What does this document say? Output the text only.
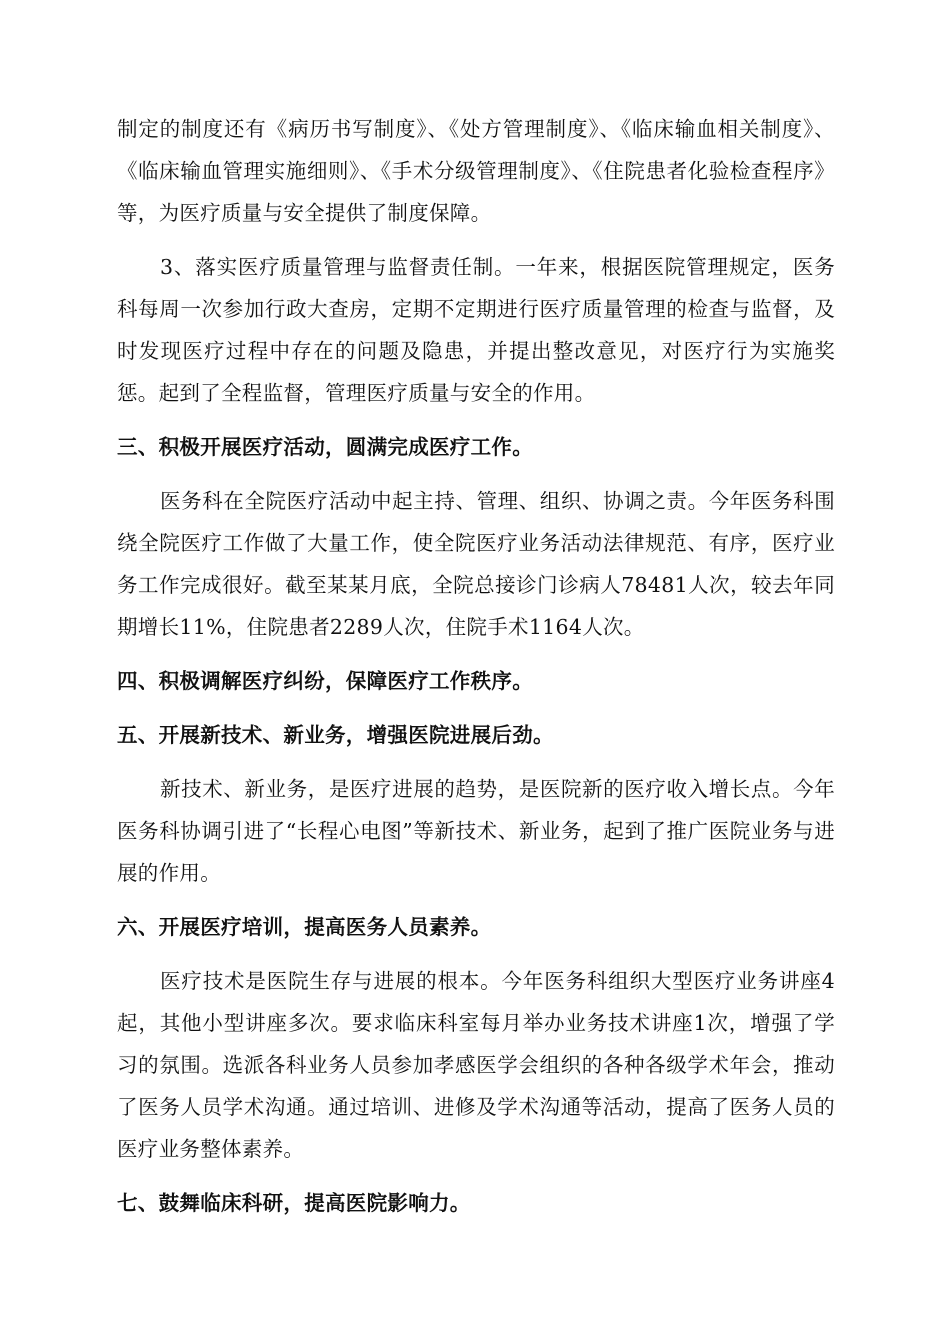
制定的制度还有《病历书写制度》、《处方管理制度》、《临床输血相关制度》、《临床输血管理实施细则》、《手术分级管理制度》、《住院患者化验检查程序》等，为医疗质量与安全提供了制度保障。

3、落实医疗质量管理与监督责任制。一年来，根据医院管理规定，医务科每周一次参加行政大查房，定期不定期进行医疗质量管理的检查与监督，及时发现医疗过程中存在的问题及隐患，并提出整改意见，对医疗行为实施奖惩。起到了全程监督，管理医疗质量与安全的作用。

三、积极开展医疗活动，圆满完成医疗工作。

医务科在全院医疗活动中起主持、管理、组织、协调之责。今年医务科围绕全院医疗工作做了大量工作，使全院医疗业务活动法律规范、有序，医疗业务工作完成很好。截至某某月底，全院总接诊门诊病人78481人次，较去年同期增长11%，住院患者2289人次，住院手术1164人次。

四、积极调解医疗纠纷，保障医疗工作秩序。

五、开展新技术、新业务，增强医院进展后劲。

新技术、新业务，是医疗进展的趋势，是医院新的医疗收入增长点。今年医务科协调引进了“长程心电图”等新技术、新业务，起到了推广医院业务与进展的作用。

六、开展医疗培训，提高医务人员素养。

医疗技术是医院生存与进展的根本。今年医务科组织大型医疗业务讲座4起，其他小型讲座多次。要求临床科室每月举办业务技术讲座1次，增强了学习的氛围。选派各科业务人员参加孝感医学会组织的各种各级学术年会，推动了医务人员学术沟通。通过培训、进修及学术沟通等活动，提高了医务人员的医疗业务整体素养。

七、鼓舞临床科研，提高医院影响力。
